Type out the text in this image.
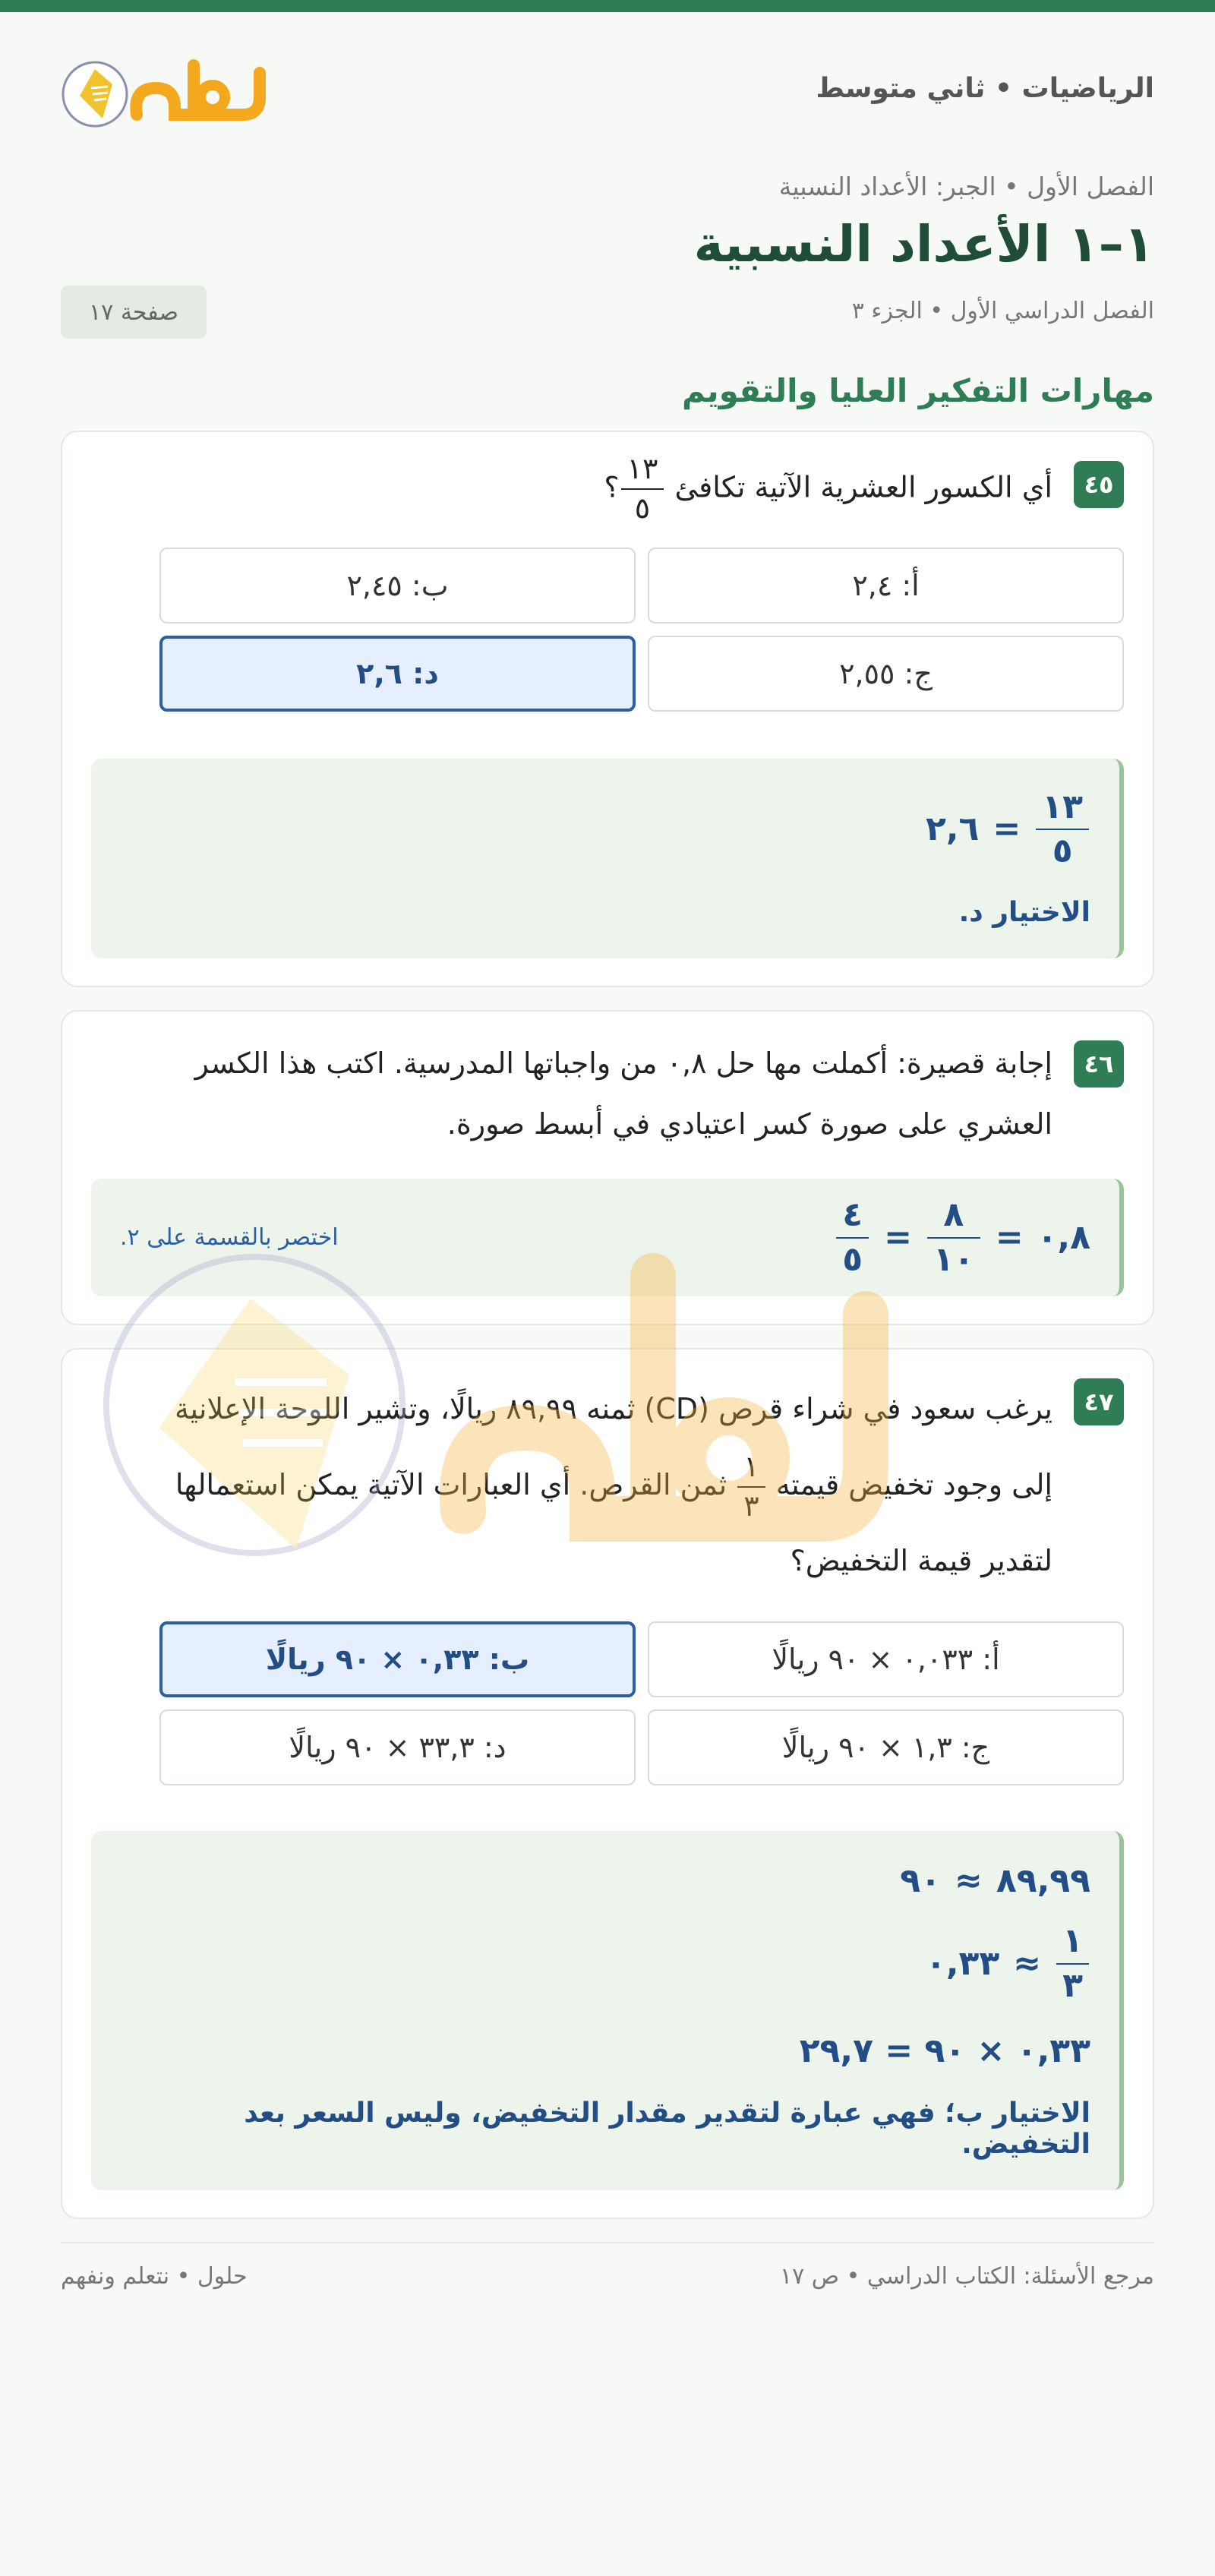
الرياضيات • ثاني متوسط
الفصل الأول • الجبر: الأعداد النسبية
١–١ الأعداد النسبية
الفصل الدراسي الأول • الجزء ٣
صفحة ١٧
مهارات التفكير العليا والتقويم
٤٥
أي الكسور العشرية الآتية تكافئ
$\frac{١٣}{٥}$
؟
أ: ٢,٤
ب: ٢,٤٥
ج: ٢,٥٥
د: ٢,٦
$\frac{١٣}{٥}$
=
٢,٦
الاختيار د.
٤٦
إجابة قصيرة: أكملت مها حل ٠,٨ من واجباتها المدرسية. اكتب هذا الكسر العشري على صورة كسر اعتيادي في أبسط صورة.
٠,٨
=
$\frac{٨}{١٠}$
=
$\frac{٤}{٥}$
اختصر بالقسمة على ٢.
٤٧
يرغب سعود في شراء قرص (CD) ثمنه ٨٩,٩٩ ريالًا، وتشير اللوحة الإعلانية
إلى وجود تخفيض قيمته
$\frac{١}{٣}$
ثمن القرص. أي العبارات الآتية يمكن استعمالها
لتقدير قيمة التخفيض؟
أ: ٠,٠٣٣ × ٩٠ ريالًا
ب: ٠,٣٣ × ٩٠ ريالًا
ج: ١,٣ × ٩٠ ريالًا
د: ٣٣,٣ × ٩٠ ريالًا
٨٩,٩٩
≈
٩٠
$\frac{١}{٣}$
≈
٠,٣٣
٠,٣٣ × ٩٠ = ٢٩,٧
الاختيار ب؛ فهي عبارة لتقدير مقدار التخفيض، وليس السعر بعد التخفيض.
مرجع الأسئلة: الكتاب الدراسي • ص ١٧
حلول • نتعلم ونفهم
